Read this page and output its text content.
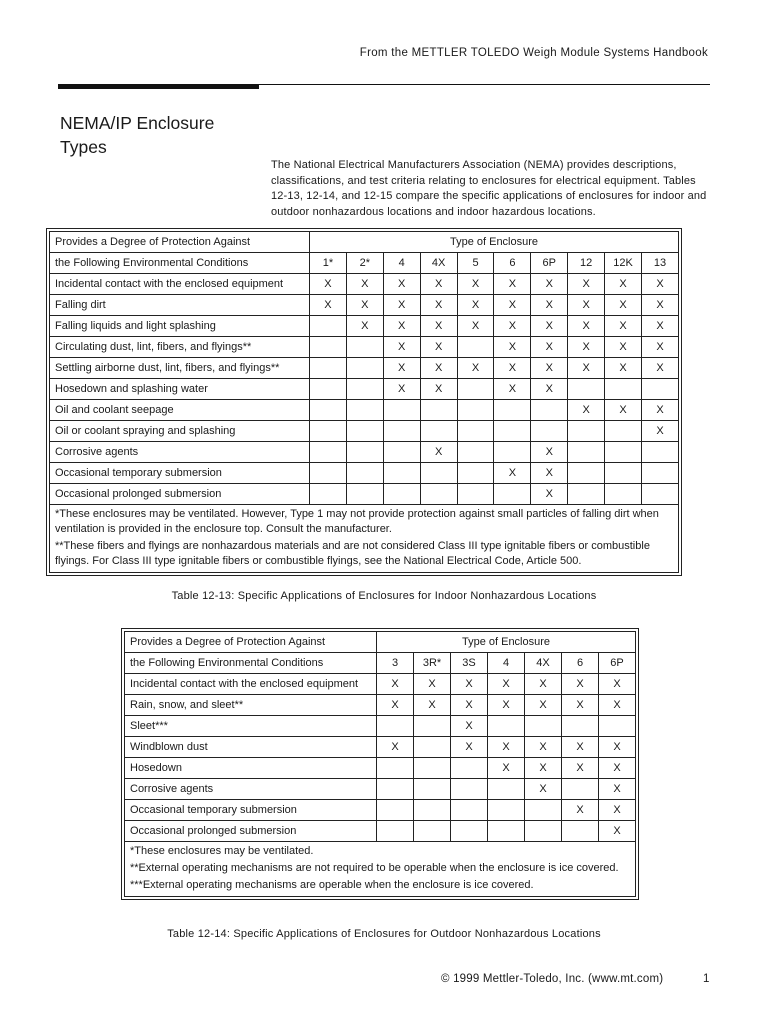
From the METTLER TOLEDO Weigh Module Systems Handbook
NEMA/IP Enclosure
Types
The National Electrical Manufacturers Association (NEMA) provides descriptions, classifications, and test criteria relating to enclosures for electrical equipment. Tables 12-13, 12-14, and 12-15 compare the specific applications of enclosures for indoor and outdoor nonhazardous locations and indoor hazardous locations.
Provides a Degree of Protection Against	Type of Enclosure									
the Following Environmental Conditions	1*	2*	4	4X	5	6	6P	12	12K	13
Incidental contact with the enclosed equipment	X	X	X	X	X	X	X	X	X	X
Falling dirt	X	X	X	X	X	X	X	X	X	X
Falling liquids and light splashing		X	X	X	X	X	X	X	X	X
Circulating dust, lint, fibers, and flyings**			X	X		X	X	X	X	X
Settling airborne dust, lint, fibers, and flyings**			X	X	X	X	X	X	X	X
Hosedown and splashing water			X	X		X	X			
Oil and coolant seepage								X	X	X
Oil or coolant spraying and splashing										X
Corrosive agents				X			X			
Occasional temporary submersion						X	X			
Occasional prolonged submersion							X			

*These enclosures may be ventilated. However, Type 1 may not provide protection against small particles of falling dirt when ventilation is provided in the enclosure top. Consult the manufacturer.
**These fibers and flyings are nonhazardous materials and are not considered Class III type ignitable fibers or combustible flyings. For Class III type ignitable fibers or combustible flyings, see the National Electrical Code, Article 500.										
Table 12-13: Specific Applications of Enclosures for Indoor Nonhazardous Locations
Provides a Degree of Protection Against	Type of Enclosure						
the Following Environmental Conditions	3	3R*	3S	4	4X	6	6P
Incidental contact with the enclosed equipment	X	X	X	X	X	X	X
Rain, snow, and sleet**	X	X	X	X	X	X	X
Sleet***			X				
Windblown dust	X		X	X	X	X	X
Hosedown				X	X	X	X
Corrosive agents					X		X
Occasional temporary submersion						X	X
Occasional prolonged submersion							X

*These enclosures may be ventilated.
**External operating mechanisms are not required to be operable when the enclosure is ice covered.
***External operating mechanisms are operable when the enclosure is ice covered.							
Table 12-14: Specific Applications of Enclosures for Outdoor Nonhazardous Locations
© 1999 Mettler-Toledo, Inc. (www.mt.com)	1
